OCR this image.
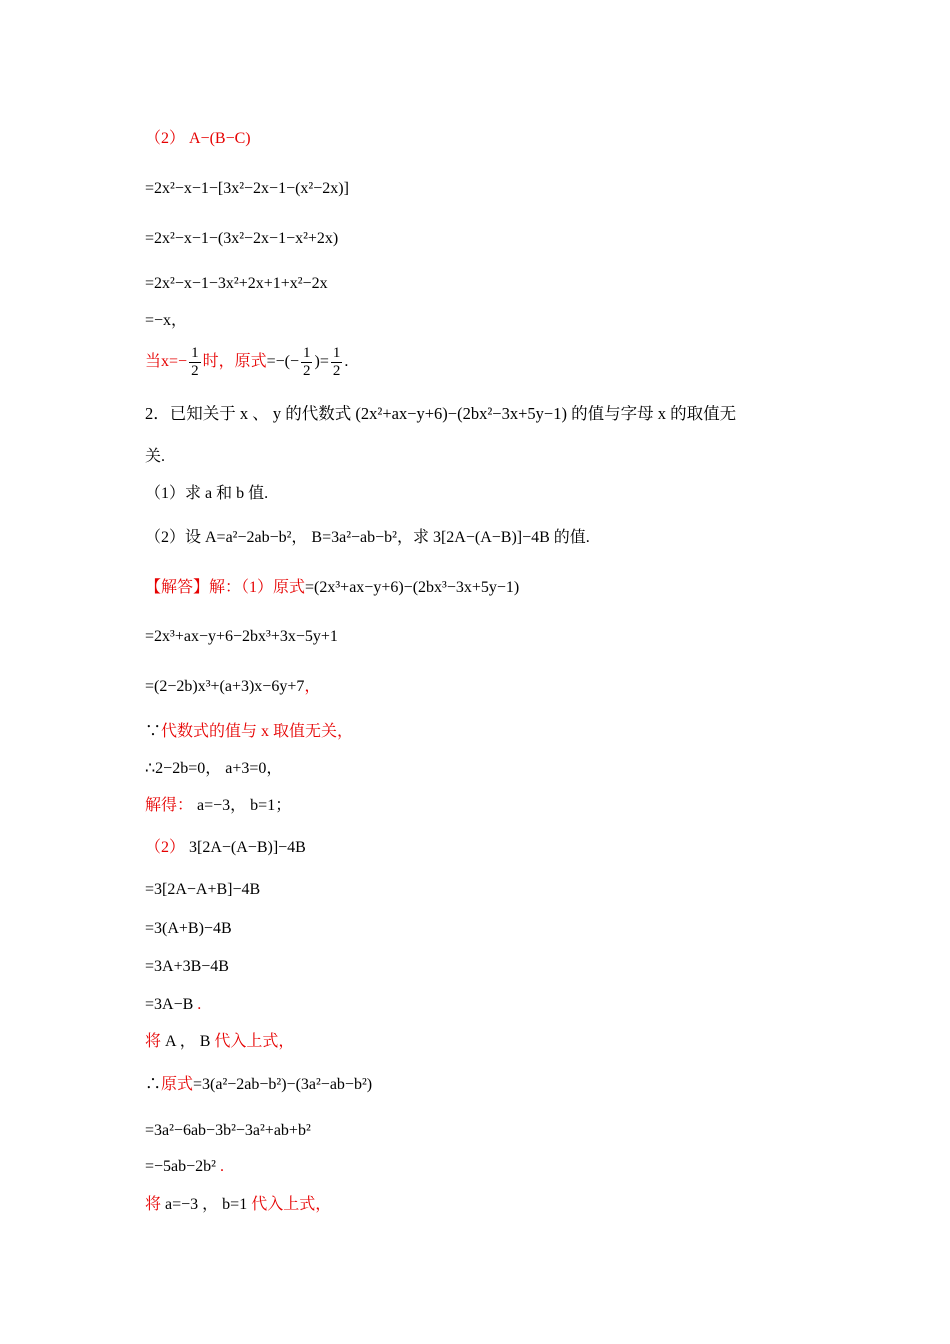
（2） A−(B−C)
=2x²−x−1−[3x²−2x−1−(x²−2x)]
=2x²−x−1−(3x²−2x−1−x²+2x)
=2x²−x−1−3x²+2x+1+x²−2x
=−x，
当$x=- \frac{1}{2}$ 时，原式=−(− $\frac{1}{2}$ )= $\frac{1}{2}$ .
2．已知关于 x 、 y 的代数式 (2x²+ax−y+6)−(2bx²−3x+5y−1) 的值与字母 x 的取值无
关.
（1）求 a 和 b 值.
（2）设 A=a²−2ab−b²， B=3a²−ab−b²，求 3[2A−(A−B)]−4B 的值.
【解答】解：（1）原式=(2x³+ax−y+6)−(2bx³−3x+5y−1)
=2x³+ax−y+6−2bx³+3x−5y+1
=(2−2b)x³+(a+3)x−6y+7，
∵代数式的值与 x 取值无关，
∴2−2b=0， a+3=0，
解得： a=−3， b=1；
（2） 3[2A−(A−B)]−4B
=3[2A−A+B]−4B
=3(A+B)−4B
=3A+3B−4B
=3A−B .
将 A ， B 代入上式，
∴原式=3(a²−2ab−b²)−(3a²−ab−b²)
=3a²−6ab−3b²−3a²+ab+b²
=−5ab−2b² .
将 a=−3 ， b=1 代入上式，
